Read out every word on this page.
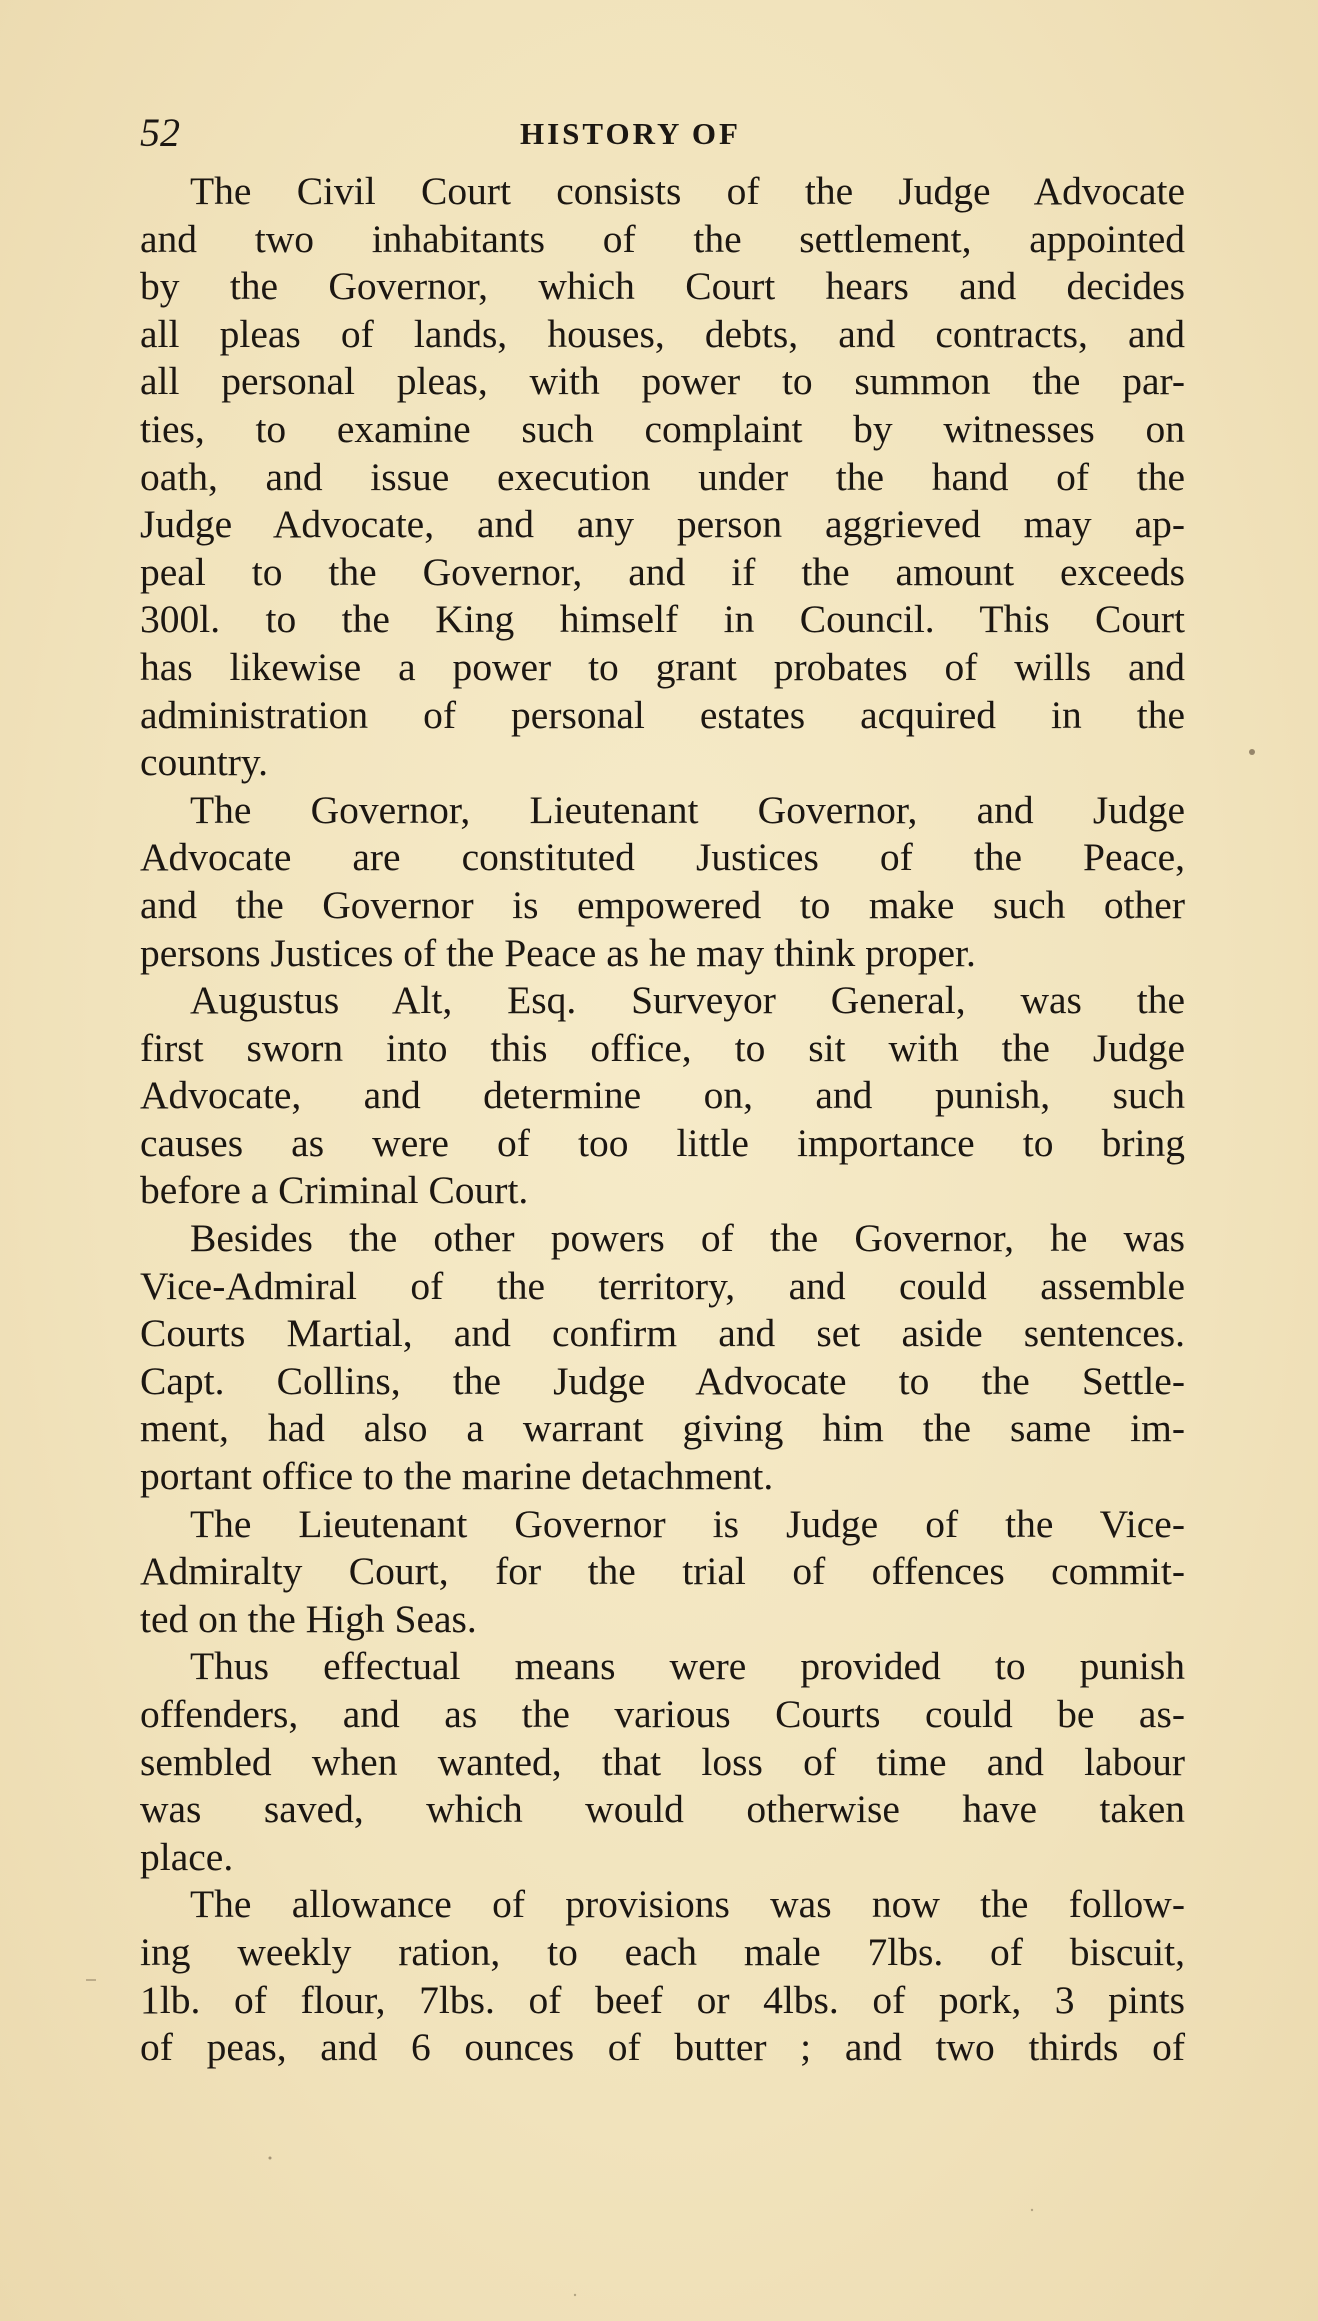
52	HISTORY OF
The Civil Court consists of the Judge Advocate
and two inhabitants of the settlement, appointed
by the Governor, which Court hears and decides
all pleas of lands, houses, debts, and contracts, and
all personal pleas, with power to summon the par-
ties, to examine such complaint by witnesses on
oath, and issue execution under the hand of the
Judge Advocate, and any person aggrieved may ap-
peal to the Governor, and if the amount exceeds
300l. to the King himself in Council. This Court
has likewise a power to grant probates of wills and
administration of personal estates acquired in the
country.
The Governor, Lieutenant Governor, and Judge
Advocate are constituted Justices of the Peace,
and the Governor is empowered to make such other
persons Justices of the Peace as he may think proper.
Augustus Alt, Esq. Surveyor General, was the
first sworn into this office, to sit with the Judge
Advocate, and determine on, and punish, such
causes as were of too little importance to bring
before a Criminal Court.
Besides the other powers of the Governor, he was
Vice-Admiral of the territory, and could assemble
Courts Martial, and confirm and set aside sentences.
Capt. Collins, the Judge Advocate to the Settle-
ment, had also a warrant giving him the same im-
portant office to the marine detachment.
The Lieutenant Governor is Judge of the Vice-
Admiralty Court, for the trial of offences commit-
ted on the High Seas.
Thus effectual means were provided to punish
offenders, and as the various Courts could be as-
sembled when wanted, that loss of time and labour
was saved, which would otherwise have taken
place.
The allowance of provisions was now the follow-
ing weekly ration, to each male 7lbs. of biscuit,
1lb. of flour, 7lbs. of beef or 4lbs. of pork, 3 pints
of peas, and 6 ounces of butter ; and two thirds of
